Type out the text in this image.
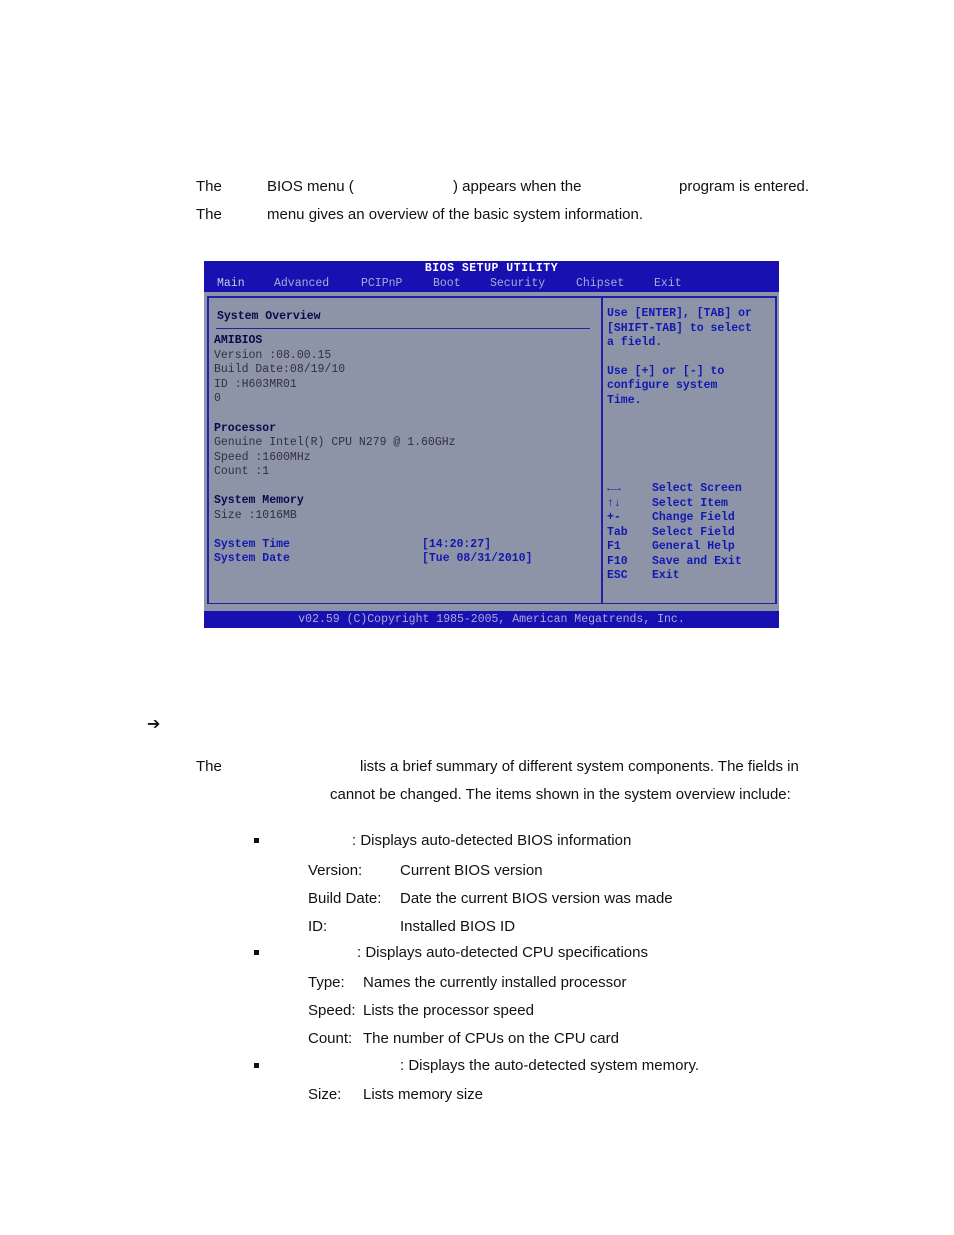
The	BIOS menu (	) appears when the	program is entered.
The	menu gives an overview of the basic system information.
BIOS SETUP UTILITY
Main	Advanced	PCIPnP	Boot	Security	Chipset	Exit
System Overview
AMIBIOS
Version :08.00.15
Build Date:08/19/10
ID :H603MR01
0
Processor
Genuine Intel(R) CPU N279 @ 1.60GHz
Speed :1600MHz
Count :1
System Memory
Size :1016MB
System Time	[14:20:27]
System Date	[Tue 08/31/2010]
Use [ENTER], [TAB] or
[SHIFT-TAB] to select
a field.
Use [+] or [-] to
configure system
Time.
←→	Select Screen
↑↓	Select Item
+-	Change Field
Tab Select Field
F1	General Help
F10 Save and Exit
ESC Exit
v02.59 (C)Copyright 1985-2005, American Megatrends, Inc.
➔
The	lists a brief summary of different system components. The fields in
cannot be changed. The items shown in the system overview include:
: Displays auto-detected BIOS information
Version:	Current BIOS version
Build Date: Date the current BIOS version was made
ID:	Installed BIOS ID
: Displays auto-detected CPU specifications
Type: Names the currently installed processor
Speed: Lists the processor speed
Count: The number of CPUs on the CPU card
: Displays the auto-detected system memory.
Size: Lists memory size
